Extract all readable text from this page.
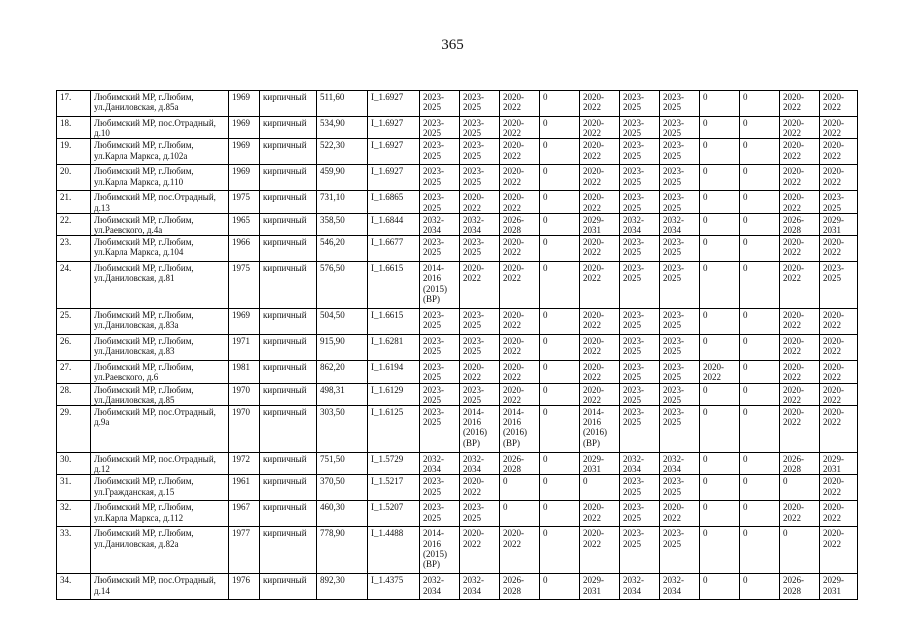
365
17.	Любимский МР, г.Любим, ул.Даниловская, д.85а	1969	кирпичный	511,60	I_1.6927	2023-2025	2023-2025	2020-2022	0	2020-2022	2023-2025	2023-2025	0	0	2020-2022	2020-2022
18.	Любимский МР, пос.Отрадный, д.10	1969	кирпичный	534,90	I_1.6927	2023-2025	2023-2025	2020-2022	0	2020-2022	2023-2025	2023-2025	0	0	2020-2022	2020-2022
19.	Любимский МР, г.Любим, ул.Карла Маркса, д.102а	1969	кирпичный	522,30	I_1.6927	2023-2025	2023-2025	2020-2022	0	2020-2022	2023-2025	2023-2025	0	0	2020-2022	2020-2022
20.	Любимский МР, г.Любим, ул.Карла Маркса, д.110	1969	кирпичный	459,90	I_1.6927	2023-2025	2023-2025	2020-2022	0	2020-2022	2023-2025	2023-2025	0	0	2020-2022	2020-2022
21.	Любимский МР, пос.Отрадный, д.13	1975	кирпичный	731,10	I_1.6865	2023-2025	2020-2022	2020-2022	0	2020-2022	2023-2025	2023-2025	0	0	2020-2022	2023-2025
22.	Любимский МР, г.Любим, ул.Раевского, д.4а	1965	кирпичный	358,50	I_1.6844	2032-2034	2032-2034	2026-2028	0	2029-2031	2032-2034	2032-2034	0	0	2026-2028	2029-2031
23.	Любимский МР, г.Любим, ул.Карла Маркса, д.104	1966	кирпичный	546,20	I_1.6677	2023-2025	2023-2025	2020-2022	0	2020-2022	2023-2025	2023-2025	0	0	2020-2022	2020-2022
24.	Любимский МР, г.Любим, ул.Даниловская, д.81	1975	кирпичный	576,50	I_1.6615	2014-2016 (2015) (ВР)	2020-2022	2020-2022	0	2020-2022	2023-2025	2023-2025	0	0	2020-2022	2023-2025
25.	Любимский МР, г.Любим, ул.Даниловская, д.83а	1969	кирпичный	504,50	I_1.6615	2023-2025	2023-2025	2020-2022	0	2020-2022	2023-2025	2023-2025	0	0	2020-2022	2020-2022
26.	Любимский МР, г.Любим, ул.Даниловская, д.83	1971	кирпичный	915,90	I_1.6281	2023-2025	2023-2025	2020-2022	0	2020-2022	2023-2025	2023-2025	0	0	2020-2022	2020-2022
27.	Любимский МР, г.Любим, ул.Раевского, д.6	1981	кирпичный	862,20	I_1.6194	2023-2025	2020-2022	2020-2022	0	2020-2022	2023-2025	2023-2025	2020-2022	0	2020-2022	2020-2022
28.	Любимский МР, г.Любим, ул.Даниловская, д.85	1970	кирпичный	498,31	I_1.6129	2023-2025	2023-2025	2020-2022	0	2020-2022	2023-2025	2023-2025	0	0	2020-2022	2020-2022
29.	Любимский МР, пос.Отрадный, д.9а	1970	кирпичный	303,50	I_1.6125	2023-2025	2014-2016 (2016) (ВР)	2014-2016 (2016) (ВР)	0	2014-2016 (2016) (ВР)	2023-2025	2023-2025	0	0	2020-2022	2020-2022
30.	Любимский МР, пос.Отрадный, д.12	1972	кирпичный	751,50	I_1.5729	2032-2034	2032-2034	2026-2028	0	2029-2031	2032-2034	2032-2034	0	0	2026-2028	2029-2031
31.	Любимский МР, г.Любим, ул.Гражданская, д.15	1961	кирпичный	370,50	I_1.5217	2023-2025	2020-2022	0	0	0	2023-2025	2023-2025	0	0	0	2020-2022
32.	Любимский МР, г.Любим, ул.Карла Маркса, д.112	1967	кирпичный	460,30	I_1.5207	2023-2025	2023-2025	0	0	2020-2022	2023-2025	2020-2022	0	0	2020-2022	2020-2022
33.	Любимский МР, г.Любим, ул.Даниловская, д.82а	1977	кирпичный	778,90	I_1.4488	2014-2016 (2015) (ВР)	2020-2022	2020-2022	0	2020-2022	2023-2025	2023-2025	0	0	0	2020-2022
34.	Любимский МР, пос.Отрадный, д.14	1976	кирпичный	892,30	I_1.4375	2032-2034	2032-2034	2026-2028	0	2029-2031	2032-2034	2032-2034	0	0	2026-2028	2029-2031
